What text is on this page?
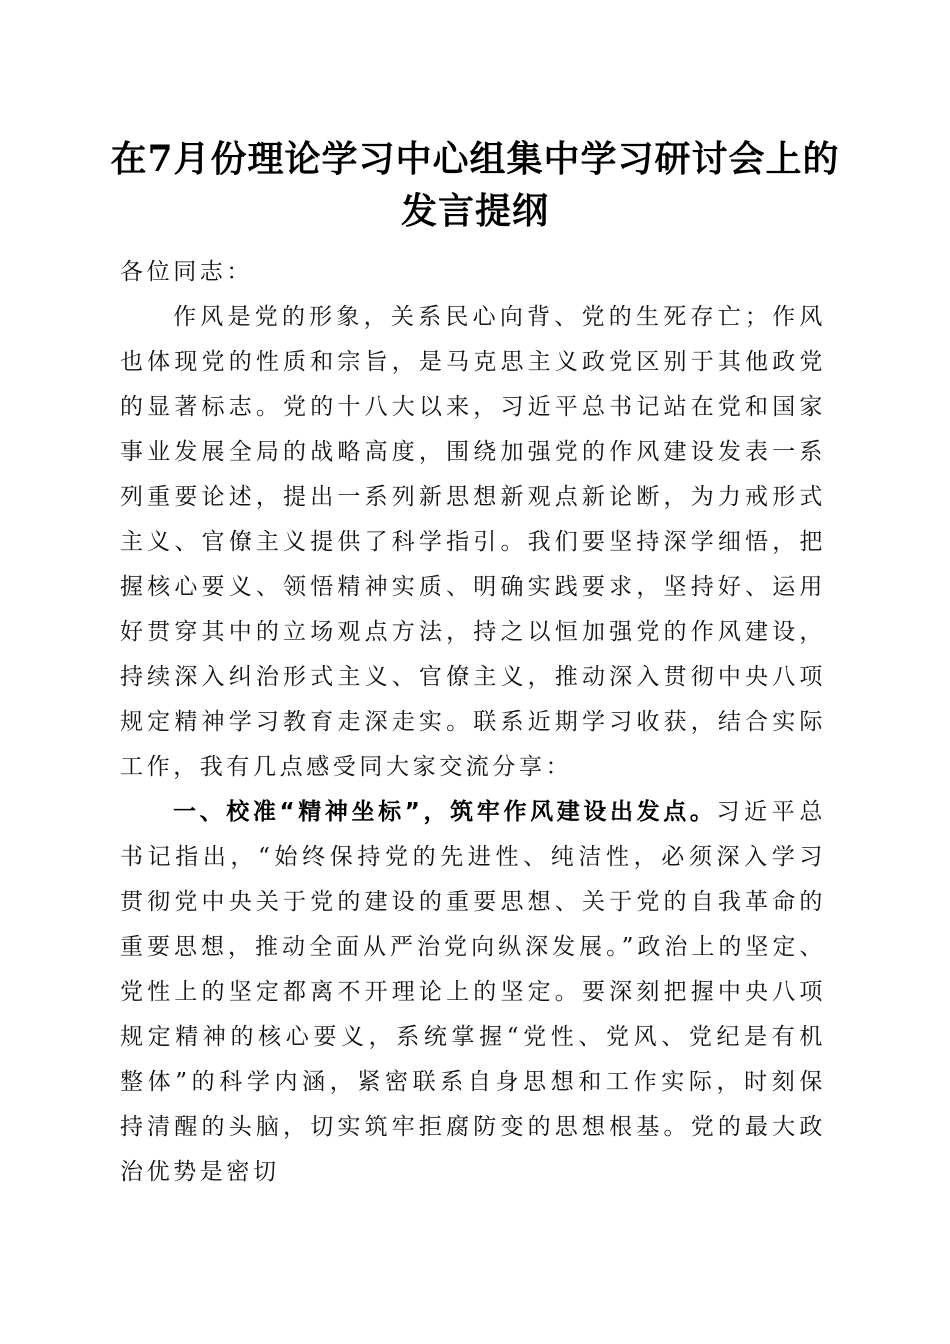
在7月份理论学习中心组集中学习研讨会上的
发言提纲

各位同志：

作风是党的形象，关系民心向背、党的生死存亡；作风也体现党的性质和宗旨，是马克思主义政党区别于其他政党的显著标志。党的十八大以来，习近平总书记站在党和国家事业发展全局的战略高度，围绕加强党的作风建设发表一系列重要论述，提出一系列新思想新观点新论断，为力戒形式主义、官僚主义提供了科学指引。我们要坚持深学细悟，把握核心要义、领悟精神实质、明确实践要求，坚持好、运用好贯穿其中的立场观点方法，持之以恒加强党的作风建设，持续深入纠治形式主义、官僚主义，推动深入贯彻中央八项规定精神学习教育走深走实。联系近期学习收获，结合实际工作，我有几点感受同大家交流分享：

一、校准“精神坐标”，筑牢作风建设出发点。习近平总书记指出，“始终保持党的先进性、纯洁性，必须深入学习贯彻党中央关于党的建设的重要思想、关于党的自我革命的重要思想，推动全面从严治党向纵深发展。”政治上的坚定、党性上的坚定都离不开理论上的坚定。要深刻把握中央八项规定精神的核心要义，系统掌握“党性、党风、党纪是有机整体”的科学内涵，紧密联系自身思想和工作实际，时刻保持清醒的头脑，切实筑牢拒腐防变的思想根基。党的最大政治优势是密切
